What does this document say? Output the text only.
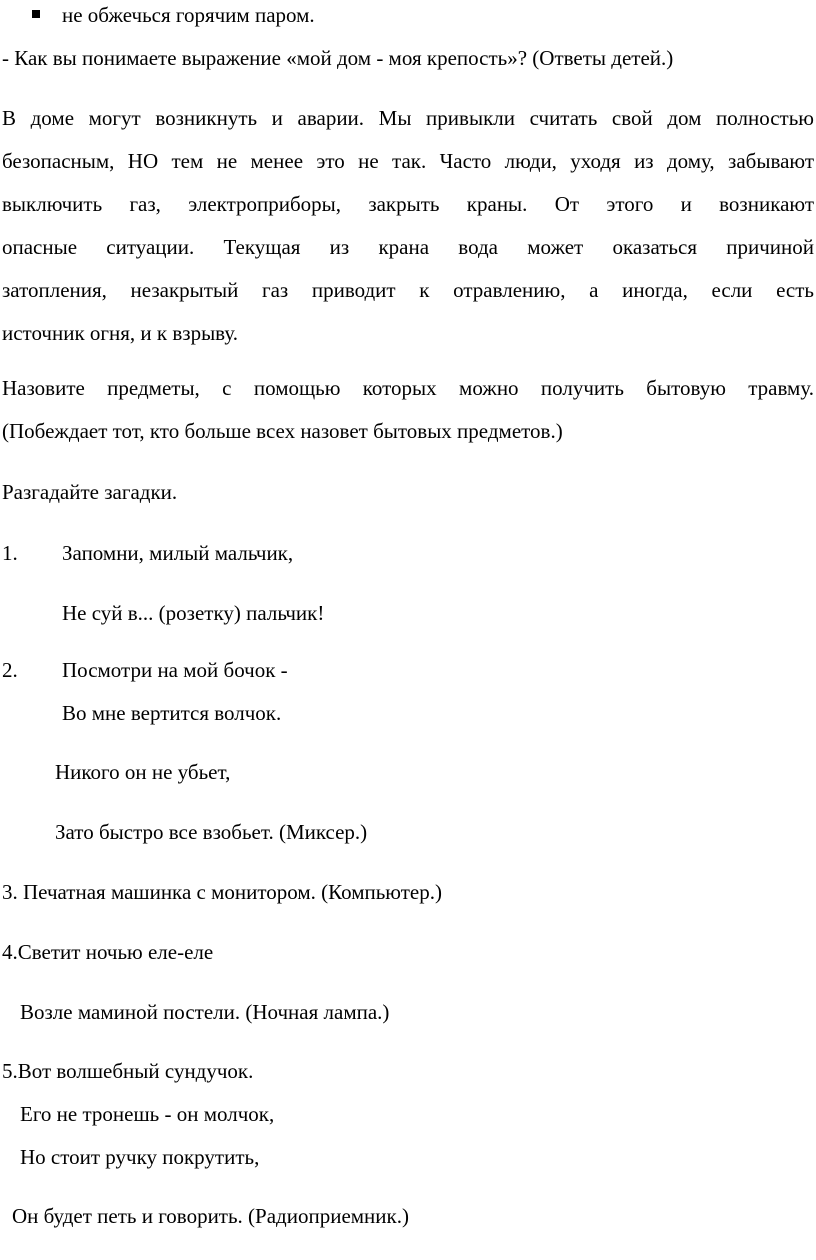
не обжечься горячим паром.
- Как вы понимаете выражение «мой дом - моя крепость»? (Ответы детей.)
В доме могут возникнуть и аварии. Мы привыкли считать свой дом полностью
безопасным, НО тем не менее это не так. Часто люди, уходя из дому, забывают
выключить газ, электроприборы, закрыть краны. От этого и возникают
опасные ситуации. Текущая из крана вода может оказаться причиной
затопления, незакрытый газ приводит к отравлению, а иногда, если есть
источник огня, и к взрыву.
Назовите предметы, с помощью которых можно получить бытовую травму.
(Побеждает тот, кто больше всех назовет бытовых предметов.)
Разгадайте загадки.
1. Запомни, милый мальчик,
Не суй в... (розетку) пальчик!
2. Посмотри на мой бочок -
Во мне вертится волчок.
Никого он не убьет,
Зато быстро все взобьет. (Миксер.)
3. Печатная машинка с монитором. (Компьютер.)
4.Светит ночью еле-еле
Возле маминой постели. (Ночная лампа.)
5.Вот волшебный сундучок.
Его не тронешь - он молчок,
Но стоит ручку покрутить,
Он будет петь и говорить. (Радиоприемник.)
